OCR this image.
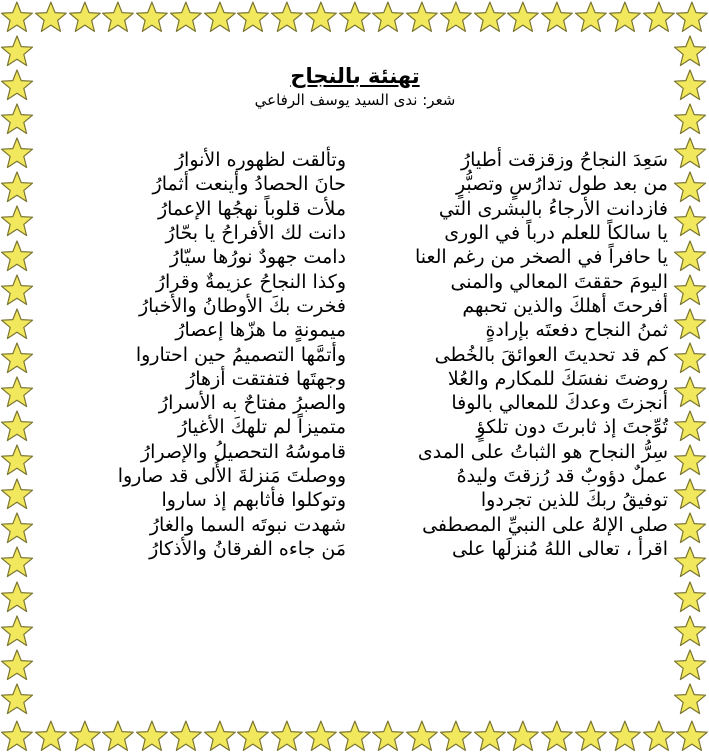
تهنئة بالنجاح

شعر: ندى السيد يوسف الرفاعي

سَعِدَ النجاحُ وزقزقت أطيارُ
وتألقت لظهوره الأنوارُ
من بعد طول تدارُسٍ وتصبُّرٍ
حانَ الحصادُ وأينعت أثمارُ
فازدانت الأرجاءُ بالبشرى التي
ملأت قلوباً نهجُها الإعمارُ
يا سالكاً للعلم درباً في الورى
دانت لك الأفراحُ يا بحّارُ
يا حافراً في الصخر من رغم العنا
دامت جهودٌ نورُها سيّارُ
اليومَ حققتَ المعالي والمنى
وكذا النجاحُ عزيمةٌ وقرارُ
أفرحتَ أهلكَ والذين تحبهم
فخرت بكَ الأوطانُ والأخبارُ
ثمنُ النجاح دفعتَه بإرادةٍ
ميمونةٍ ما هزّها إعصارُ
كم قد تحديتَ العوائقَ بالخُطى
وأتمَّها التصميمُ حين احتاروا
روضتَ نفسَكَ للمكارم والعُلا
وجهتَها فتفتقت أزهارُ
أنجزتَ وعدكَ للمعالي بالوفا
والصبرُ مفتاحٌ به الأسرارُ
تُوِّجتَ إذ ثابرتَ دون تلكؤٍ
متميزاً لم تلهكَ الأغيارُ
سِرُّ النجاح هو الثباتُ على المدى
قاموسُهُ التحصيلُ والإصرارُ
عملٌ دؤوبٌ قد رُزقتَ وليدهُ
ووصلتَ مَنزلةَ الأُلى قد صاروا
توفيقُ ربكَ للذين تجردوا
وتوكلوا فأثابهم إذ ساروا
صلى الإلهُ على النبيِّ المصطفى
شهدت نبوتَه السما والغارُ
اقرأ ، تعالى اللهُ مُنزلَها على
مَن جاءه الفرقانُ والأذكارُ
